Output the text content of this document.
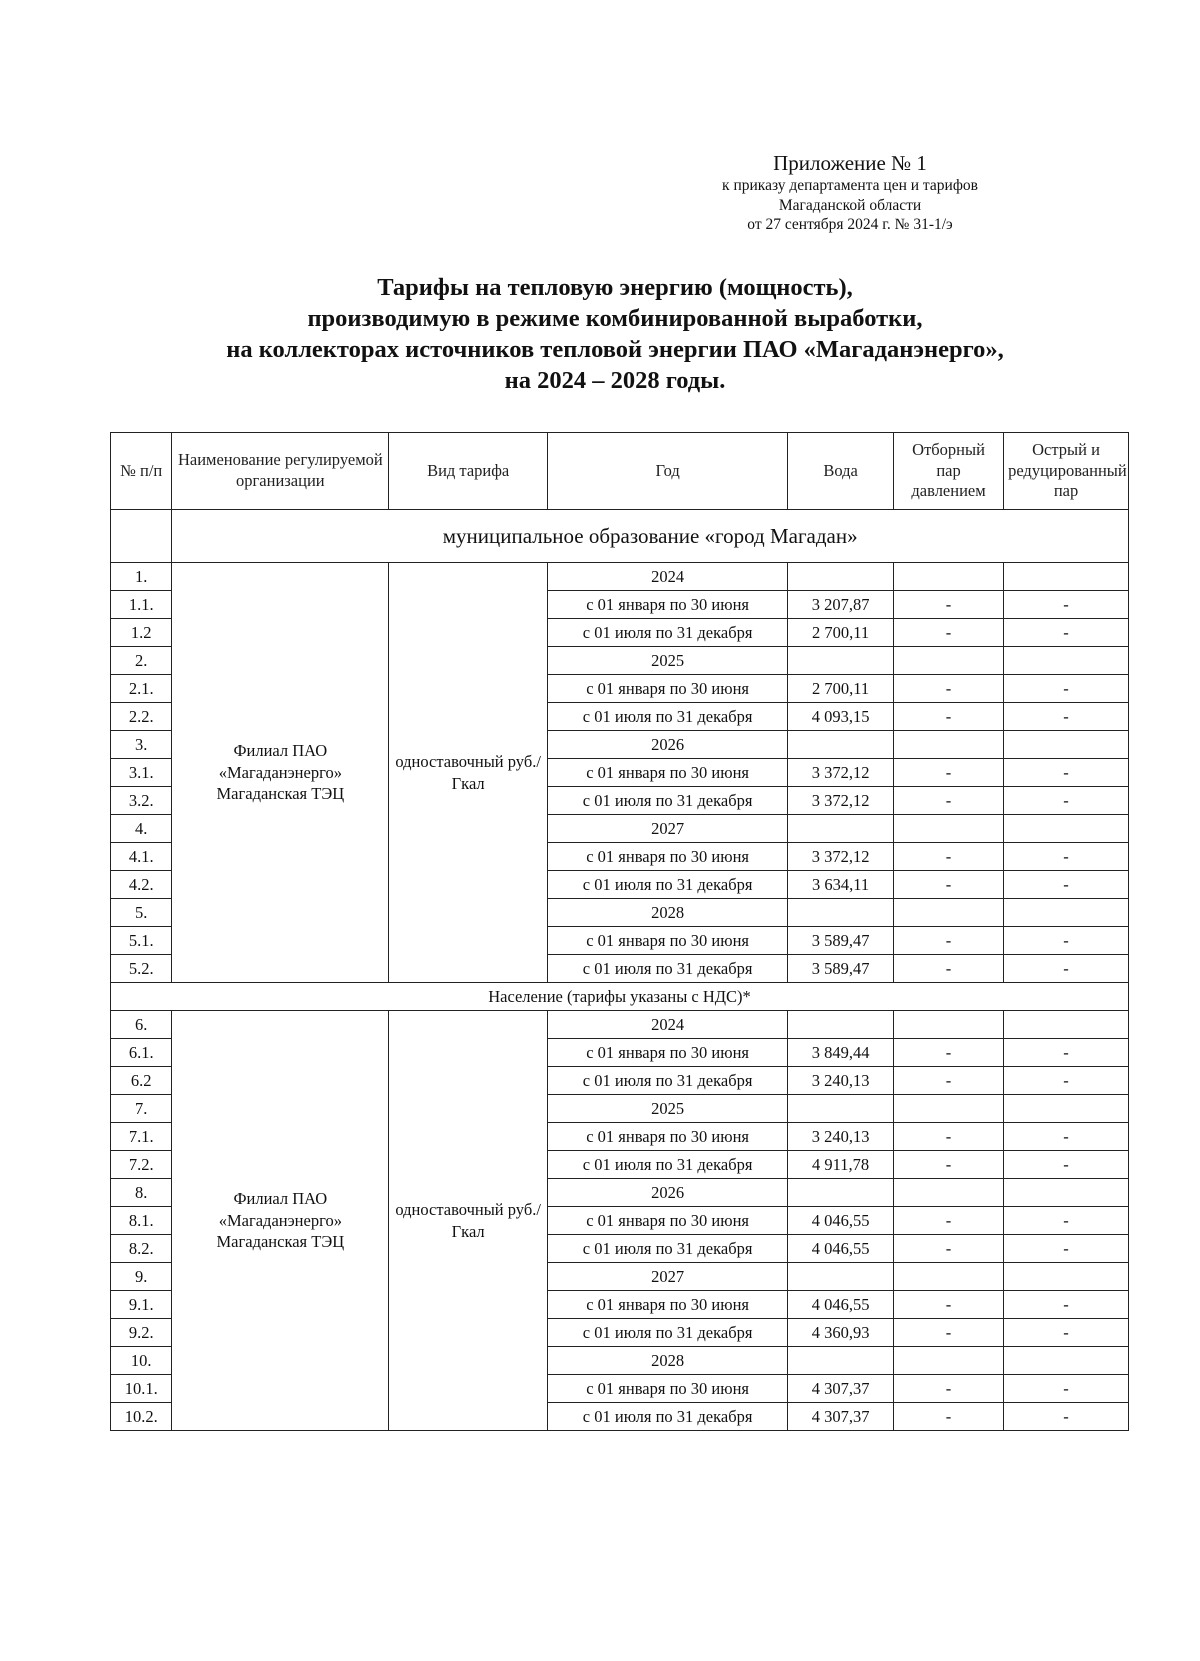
Приложение № 1
к приказу департамента цен и тарифов
Магаданской области
от 27 сентября 2024 г. № 31-1/э
Тарифы на тепловую энергию (мощность),
производимую в режиме комбинированной выработки,
на коллекторах источников тепловой энергии ПАО «Магаданэнерго»,
на 2024 – 2028 годы.
№ п/п	Наименование регулируемой организации	Вид тарифа	Год	Вода	Отборный пар давлением	Острый и редуцированный пар
	муниципальное образование «город Магадан»					
1.	Филиал ПАО «Магаданэнерго» Магаданская ТЭЦ	одноставочный руб./Гкал	2024			
1.1.			с 01 января по 30 июня	3 207,87	-	-
1.2			с 01 июля по 31 декабря	2 700,11	-	-
2.			2025			
2.1.			с 01 января по 30 июня	2 700,11	-	-
2.2.			с 01 июля по 31 декабря	4 093,15	-	-
3.			2026			
3.1.			с 01 января по 30 июня	3 372,12	-	-
3.2.			с 01 июля по 31 декабря	3 372,12	-	-
4.			2027			
4.1.			с 01 января по 30 июня	3 372,12	-	-
4.2.			с 01 июля по 31 декабря	3 634,11	-	-
5.			2028			
5.1.			с 01 января по 30 июня	3 589,47	-	-
5.2.			с 01 июля по 31 декабря	3 589,47	-	-
Население (тарифы указаны с НДС)*						
6.	Филиал ПАО «Магаданэнерго» Магаданская ТЭЦ	одноставочный руб./Гкал	2024			
6.1.			с 01 января по 30 июня	3 849,44	-	-
6.2			с 01 июля по 31 декабря	3 240,13	-	-
7.			2025			
7.1.			с 01 января по 30 июня	3 240,13	-	-
7.2.			с 01 июля по 31 декабря	4 911,78	-	-
8.			2026			
8.1.			с 01 января по 30 июня	4 046,55	-	-
8.2.			с 01 июля по 31 декабря	4 046,55	-	-
9.			2027			
9.1.			с 01 января по 30 июня	4 046,55	-	-
9.2.			с 01 июля по 31 декабря	4 360,93	-	-
10.			2028			
10.1.			с 01 января по 30 июня	4 307,37	-	-
10.2.			с 01 июля по 31 декабря	4 307,37	-	-
